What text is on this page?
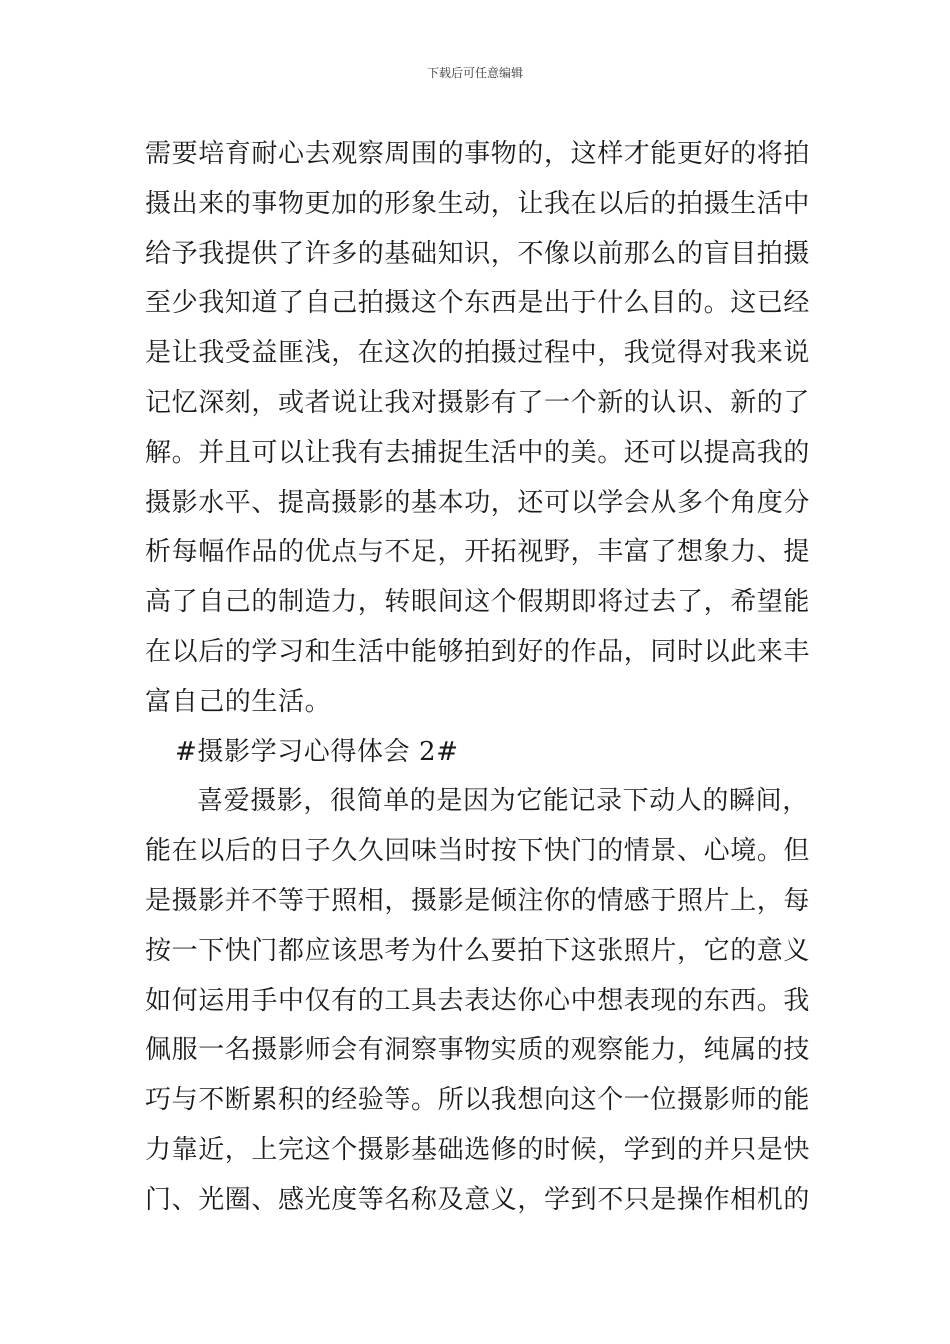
下载后可任意编辑
需要培育耐心去观察周围的事物的，这样才能更好的将拍
摄出来的事物更加的形象生动，让我在以后的拍摄生活中
给予我提供了许多的基础知识，不像以前那么的盲目拍摄
至少我知道了自己拍摄这个东西是出于什么目的。这已经
是让我受益匪浅，在这次的拍摄过程中，我觉得对我来说
记忆深刻，或者说让我对摄影有了一个新的认识、新的了
解。并且可以让我有去捕捉生活中的美。还可以提高我的
摄影水平、提高摄影的基本功，还可以学会从多个角度分
析每幅作品的优点与不足，开拓视野，丰富了想象力、提
高了自己的制造力，转眼间这个假期即将过去了，希望能
在以后的学习和生活中能够拍到好的作品，同时以此来丰
富自己的生活。
#摄影学习心得体会 2#
喜爱摄影，很简单的是因为它能记录下动人的瞬间，
能在以后的日子久久回味当时按下快门的情景、心境。但
是摄影并不等于照相，摄影是倾注你的情感于照片上，每
按一下快门都应该思考为什么要拍下这张照片，它的意义
如何运用手中仅有的工具去表达你心中想表现的东西。我
佩服一名摄影师会有洞察事物实质的观察能力，纯属的技
巧与不断累积的经验等。所以我想向这个一位摄影师的能
力靠近，上完这个摄影基础选修的时候，学到的并只是快
门、光圈、感光度等名称及意义，学到不只是操作相机的
